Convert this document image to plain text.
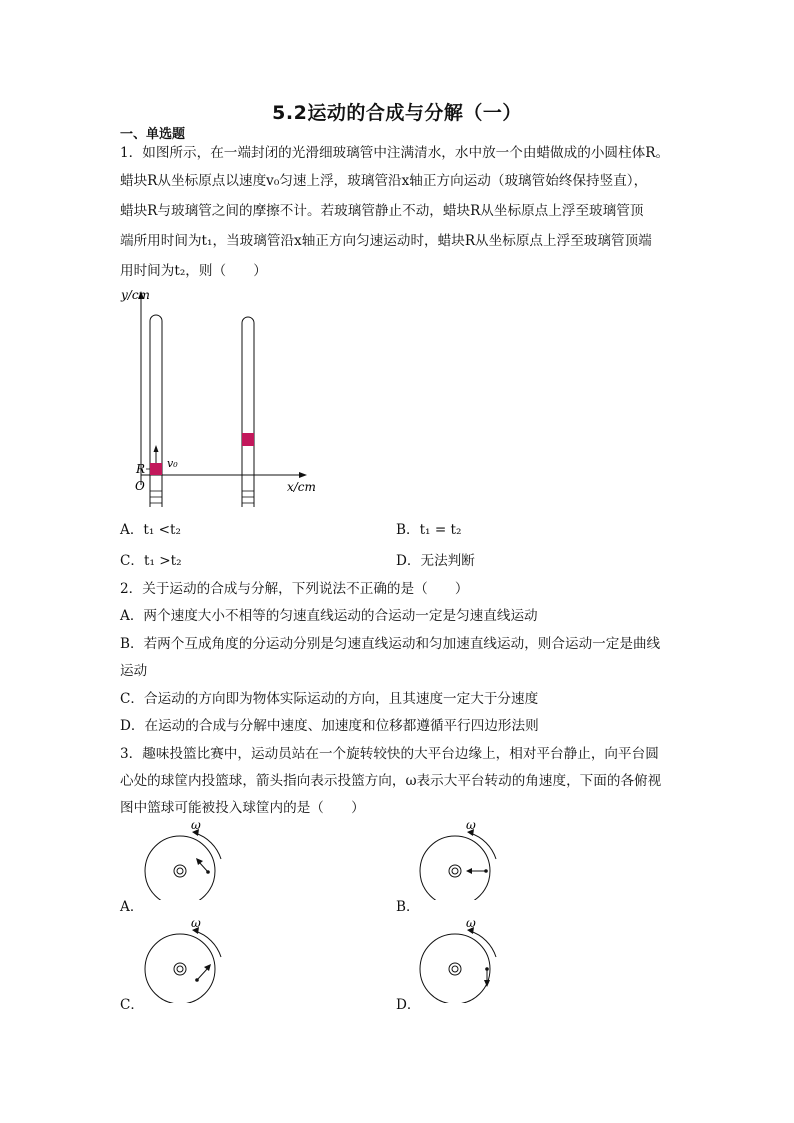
5.2运动的合成与分解（一）
一、单选题
1．如图所示，在一端封闭的光滑细玻璃管中注满清水，水中放一个由蜡做成的小圆柱体R。
蜡块R从坐标原点以速度v₀匀速上浮，玻璃管沿x轴正方向运动（玻璃管始终保持竖直），
蜡块R与玻璃管之间的摩擦不计。若玻璃管静止不动，蜡块R从坐标原点上浮至玻璃管顶
端所用时间为t₁，当玻璃管沿x轴正方向匀速运动时，蜡块R从坐标原点上浮至玻璃管顶端
用时间为t₂，则（　　）
y/cm
x/cm
v₀
R
O
A．t₁ <t₂	B．t₁ = t₂
C．t₁ >t₂	D．无法判断
2．关于运动的合成与分解，下列说法不正确的是（　　）
A．两个速度大小不相等的匀速直线运动的合运动一定是匀速直线运动
B．若两个互成角度的分运动分别是匀速直线运动和匀加速直线运动，则合运动一定是曲线
运动
C．合运动的方向即为物体实际运动的方向，且其速度一定大于分速度
D．在运动的合成与分解中速度、加速度和位移都遵循平行四边形法则
3．趣味投篮比赛中，运动员站在一个旋转较快的大平台边缘上，相对平台静止，向平台圆
心处的球筐内投篮球，箭头指向表示投篮方向，ω表示大平台转动的角速度，下面的各俯视
图中篮球可能被投入球筐内的是（　　）
ω
A．
ω
B．
ω
C．
ω
D．
